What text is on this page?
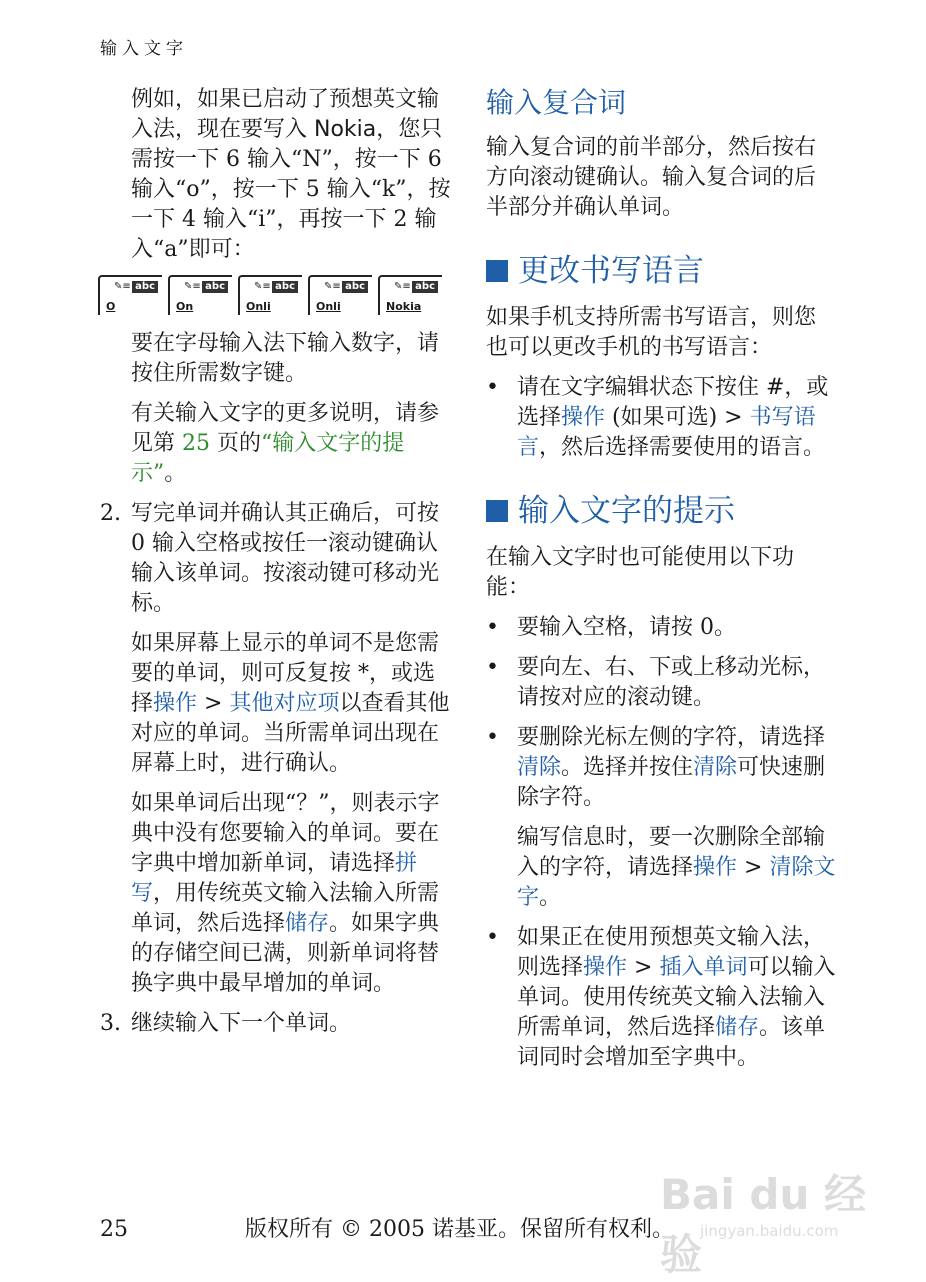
输入文字

例如，如果已启动了预想英文输入法，现在要写入 Nokia，您只需按一下 6 输入“N”，按一下 6 输入“o”，按一下 5 输入“k”，按一下 4 输入“i”，再按一下 2 输入“a”即可：

✎≡ abc
O
✎≡ abc
On
✎≡ abc
Onli
✎≡ abc
Onli
✎≡ abc
Nokia

要在字母输入法下输入数字，请按住所需数字键。

有关输入文字的更多说明，请参见第 25 页的“输入文字的提示”。

2. 写完单词并确认其正确后，可按 0 输入空格或按任一滚动键确认输入该单词。按滚动键可移动光标。

如果屏幕上显示的单词不是您需要的单词，则可反复按 *，或选择操作 > 其他对应项以查看其他对应的单词。当所需单词出现在屏幕上时，进行确认。

如果单词后出现“？”，则表示字典中没有您要输入的单词。要在字典中增加新单词，请选择拼写，用传统英文输入法输入所需单词，然后选择储存。如果字典的存储空间已满，则新单词将替换字典中最早增加的单词。

3. 继续输入下一个单词。
输入复合词

输入复合词的前半部分，然后按右方向滚动键确认。输入复合词的后半部分并确认单词。

更改书写语言

如果手机支持所需书写语言，则您也可以更改手机的书写语言：

• 请在文字编辑状态下按住 #，或选择操作 (如果可选) > 书写语言，然后选择需要使用的语言。
输入文字的提示

在输入文字时也可能使用以下功能：

• 要输入空格，请按 0。
• 要向左、右、下或上移动光标，请按对应的滚动键。
• 要删除光标左侧的字符，请选择清除。选择并按住清除可快速删除字符。

编写信息时，要一次删除全部输入的字符，请选择操作 > 清除文字。

• 如果正在使用预想英文输入法，则选择操作 > 插入单词可以输入单词。使用传统英文输入法输入所需单词，然后选择储存。该单词同时会增加至字典中。
Bai du 经验
jingyan.baidu.com
25	版权所有 © 2005 诺基亚。保留所有权利。
